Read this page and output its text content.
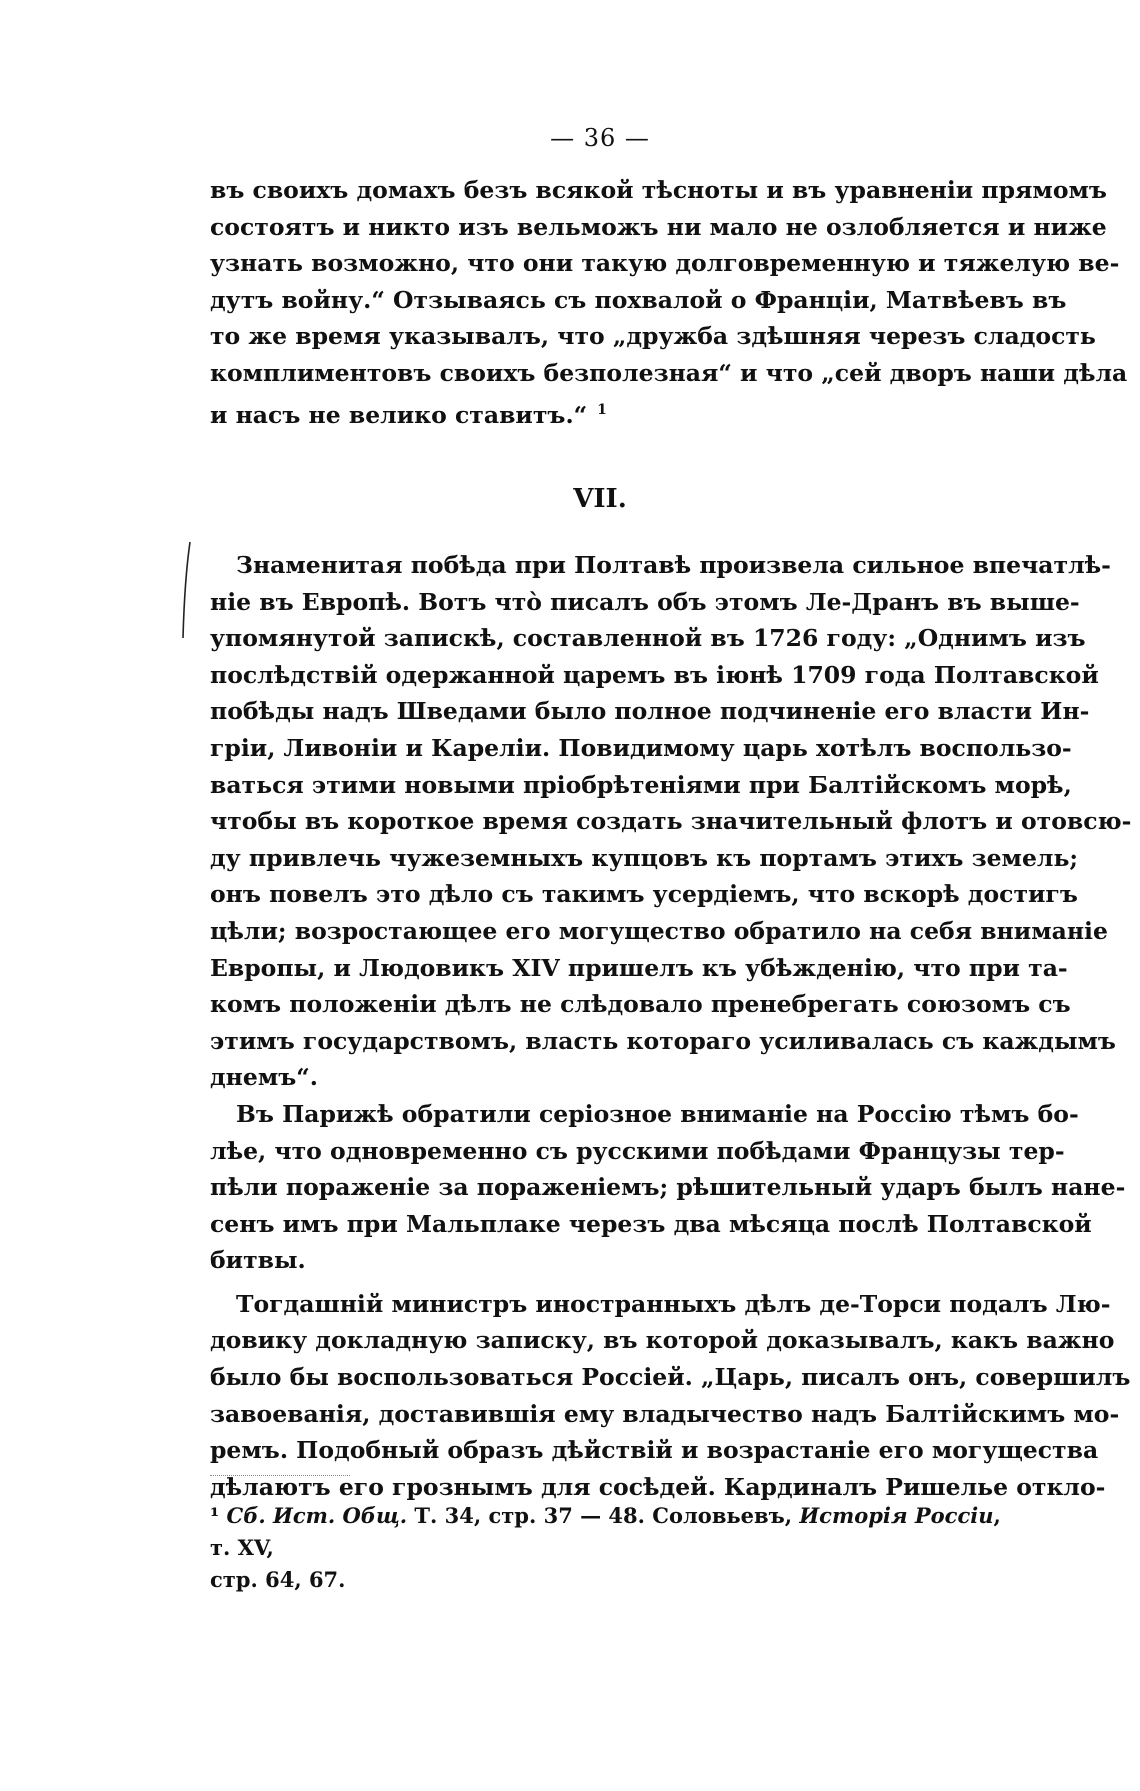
— 36 —
въ своихъ домахъ безъ всякой тѣсноты и въ уравненіи прямомъ
состоятъ и никто изъ вельможъ ни мало не озлобляется и ниже
узнать возможно, что они такую долговременную и тяжелую ве-
дутъ войну.“ Отзываясь съ похвалой о Франціи, Матвѣевъ въ
то же время указывалъ, что „дружба здѣшняя черезъ сладость
комплиментовъ своихъ безполезная“ и что „сей дворъ наши дѣла
и насъ не велико ставитъ.“ $^1$
VII.

Знаменитая побѣда при Полтавѣ произвела сильное впечатлѣ-
ніе въ Европѣ. Вотъ что̀ писалъ объ этомъ Ле-Дранъ въ выше-
упомянутой запискѣ, составленной въ 1726 году: „Однимъ изъ
послѣдствій одержанной царемъ въ іюнѣ 1709 года Полтавской
побѣды надъ Шведами было полное подчиненіе его власти Ин-
гріи, Ливоніи и Кареліи. Повидимому царь хотѣлъ воспользо-
ваться этими новыми пріобрѣтеніями при Балтійскомъ морѣ,
чтобы въ короткое время создать значительный флотъ и отовсю-
ду привлечь чужеземныхъ купцовъ къ портамъ этихъ земель;
онъ повелъ это дѣло съ такимъ усердіемъ, что вскорѣ достигъ
цѣли; возростающее его могущество обратило на себя вниманіе
Европы, и Людовикъ XIV пришелъ къ убѣжденію, что при та-
комъ положеніи дѣлъ не слѣдовало пренебрегать союзомъ съ
этимъ государствомъ, власть котораго усиливалась съ каждымъ
днемъ“.

Въ Парижѣ обратили серіозное вниманіе на Россію тѣмъ бо-
лѣе, что одновременно съ русскими побѣдами Французы тер-
пѣли пораженіе за пораженіемъ; рѣшительный ударъ былъ нане-
сенъ имъ при Мальплаке черезъ два мѣсяца послѣ Полтавской
битвы.

Тогдашній министръ иностранныхъ дѣлъ де-Торси подалъ Лю-
довику докладную записку, въ которой доказывалъ, какъ важно
было бы воспользоваться Россіей. „Царь, писалъ онъ, совершилъ
завоеванія, доставившія ему владычество надъ Балтійскимъ мо-
ремъ. Подобный образъ дѣйствій и возрастаніе его могущества
дѣлаютъ его грознымъ для сосѣдей. Кардиналъ Ришелье откло-

¹ Сб. Ист. Общ. Т. 34, стр. 37 — 48. Соловьевъ, Исторія Россіи, т. XV,
стр. 64, 67.
